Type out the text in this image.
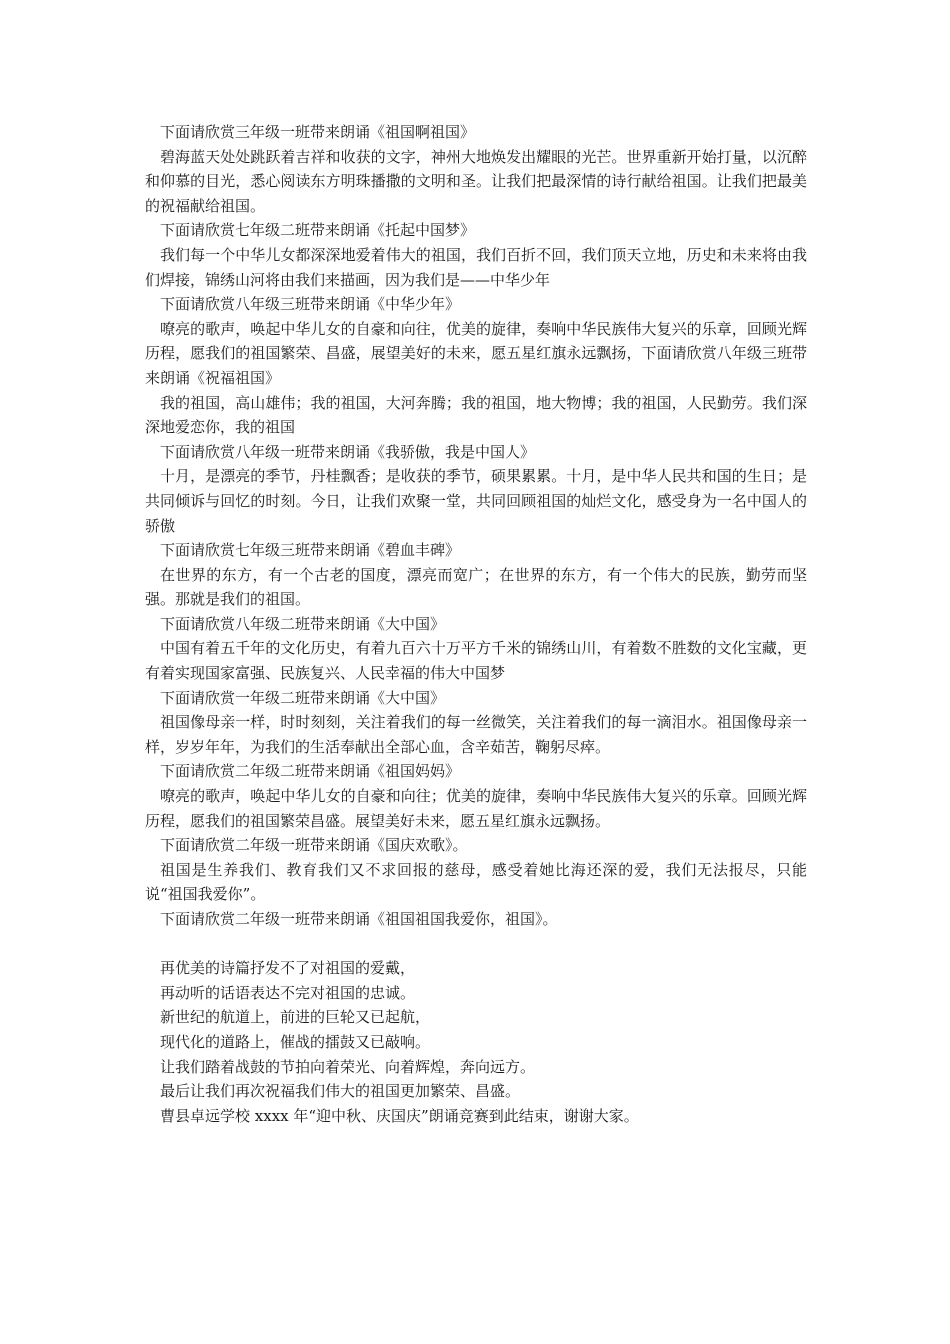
下面请欣赏三年级一班带来朗诵《祖国啊祖国》

碧海蓝天处处跳跃着吉祥和收获的文字，神州大地焕发出耀眼的光芒。世界重新开始打量，以沉醉和仰慕的目光，悉心阅读东方明珠播撒的文明和圣。让我们把最深情的诗行献给祖国。让我们把最美的祝福献给祖国。

下面请欣赏七年级二班带来朗诵《托起中国梦》

我们每一个中华儿女都深深地爱着伟大的祖国，我们百折不回，我们顶天立地，历史和未来将由我们焊接，锦绣山河将由我们来描画，因为我们是——中华少年

下面请欣赏八年级三班带来朗诵《中华少年》

嘹亮的歌声，唤起中华儿女的自豪和向往，优美的旋律，奏响中华民族伟大复兴的乐章，回顾光辉历程，愿我们的祖国繁荣、昌盛，展望美好的未来，愿五星红旗永远飘扬，下面请欣赏八年级三班带来朗诵《祝福祖国》

我的祖国，高山雄伟；我的祖国，大河奔腾；我的祖国，地大物博；我的祖国，人民勤劳。我们深深地爱恋你，我的祖国

下面请欣赏八年级一班带来朗诵《我骄傲，我是中国人》

十月，是漂亮的季节，丹桂飘香；是收获的季节，硕果累累。十月，是中华人民共和国的生日；是共同倾诉与回忆的时刻。今日，让我们欢聚一堂，共同回顾祖国的灿烂文化，感受身为一名中国人的骄傲

下面请欣赏七年级三班带来朗诵《碧血丰碑》

在世界的东方，有一个古老的国度，漂亮而宽广；在世界的东方，有一个伟大的民族，勤劳而坚强。那就是我们的祖国。

下面请欣赏八年级二班带来朗诵《大中国》

中国有着五千年的文化历史，有着九百六十万平方千米的锦绣山川，有着数不胜数的文化宝藏，更有着实现国家富强、民族复兴、人民幸福的伟大中国梦

下面请欣赏一年级二班带来朗诵《大中国》

祖国像母亲一样，时时刻刻，关注着我们的每一丝微笑，关注着我们的每一滴泪水。祖国像母亲一样，岁岁年年，为我们的生活奉献出全部心血，含辛茹苦，鞠躬尽瘁。

下面请欣赏二年级二班带来朗诵《祖国妈妈》

嘹亮的歌声，唤起中华儿女的自豪和向往；优美的旋律，奏响中华民族伟大复兴的乐章。回顾光辉历程，愿我们的祖国繁荣昌盛。展望美好未来，愿五星红旗永远飘扬。

下面请欣赏二年级一班带来朗诵《国庆欢歌》。

祖国是生养我们、教育我们又不求回报的慈母，感受着她比海还深的爱，我们无法报尽，只能说“祖国我爱你”。

下面请欣赏二年级一班带来朗诵《祖国祖国我爱你，祖国》。

再优美的诗篇抒发不了对祖国的爱戴，

再动听的话语表达不完对祖国的忠诚。

新世纪的航道上，前进的巨轮又已起航，

现代化的道路上，催战的擂鼓又已敲响。

让我们踏着战鼓的节拍向着荣光、向着辉煌，奔向远方。

最后让我们再次祝福我们伟大的祖国更加繁荣、昌盛。

曹县卓远学校 xxxx 年“迎中秋、庆国庆”朗诵竞赛到此结束，谢谢大家。
